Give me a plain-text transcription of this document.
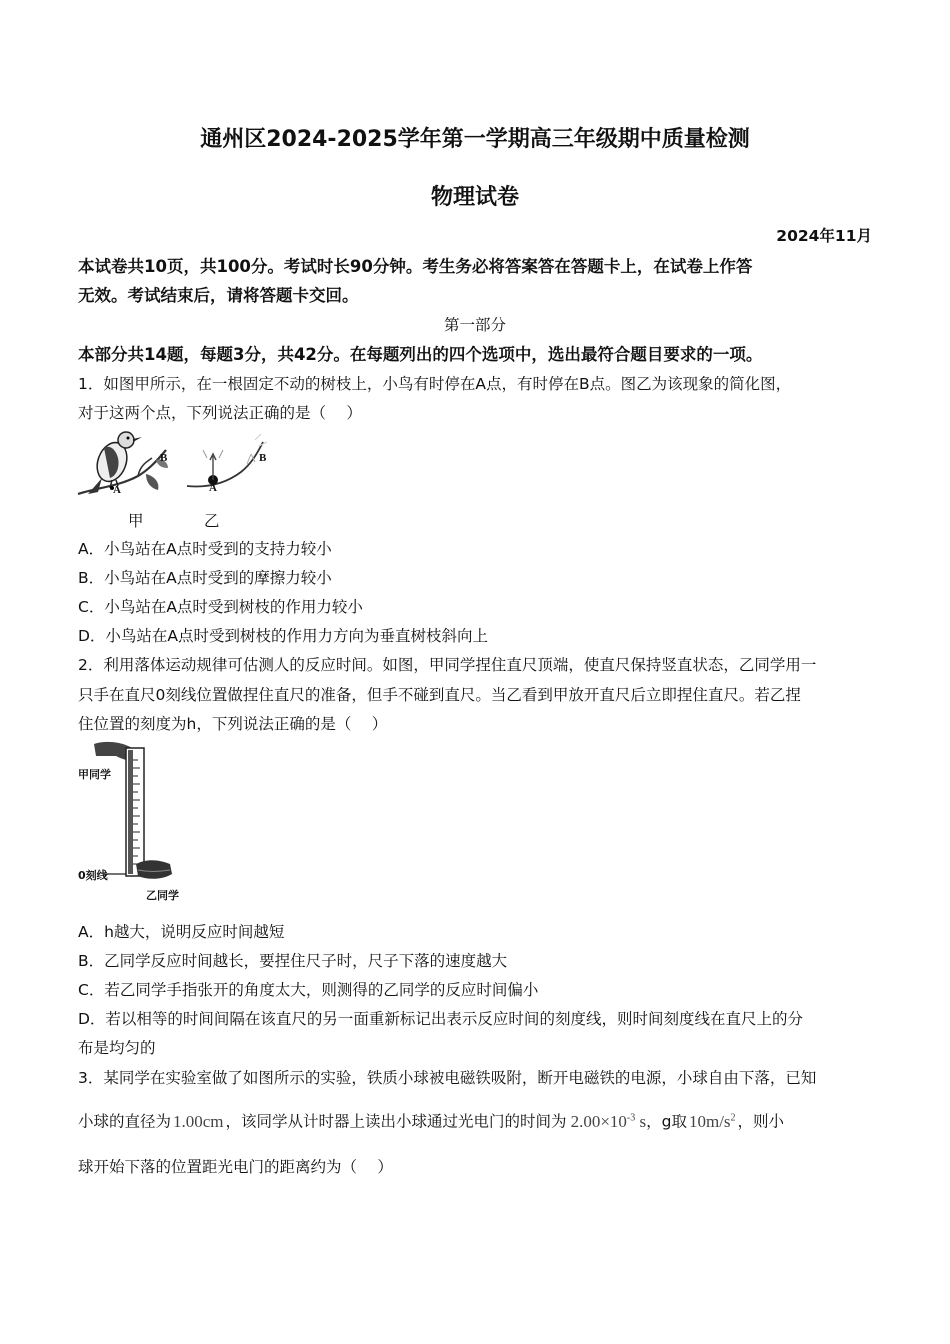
通州区2024-2025学年第一学期高三年级期中质量检测
物理试卷
2024年11月
本试卷共10页，共100分。考试时长90分钟。考生务必将答案答在答题卡上，在试卷上作答
无效。考试结束后，请将答题卡交回。
第一部分
本部分共14题，每题3分，共42分。在每题列出的四个选项中，选出最符合题目要求的一项。
1．如图甲所示，在一根固定不动的树枝上，小鸟有时停在A点，有时停在B点。图乙为该现象的简化图，
对于这两个点，下列说法正确的是（　 ）
A
B
A
B
甲	乙
A．小鸟站在A点时受到的支持力较小
B．小鸟站在A点时受到的摩擦力较小
C．小鸟站在A点时受到树枝的作用力较小
D．小鸟站在A点时受到树枝的作用力方向为垂直树枝斜向上
2．利用落体运动规律可估测人的反应时间。如图，甲同学捏住直尺顶端，使直尺保持竖直状态，乙同学用一
只手在直尺0刻线位置做捏住直尺的准备，但手不碰到直尺。当乙看到甲放开直尺后立即捏住直尺。若乙捏
住位置的刻度为h，下列说法正确的是（　 ）
甲同学
0刻线
乙同学
A．h越大，说明反应时间越短
B．乙同学反应时间越长，要捏住尺子时，尺子下落的速度越大
C．若乙同学手指张开的角度太大，则测得的乙同学的反应时间偏小
D．若以相等的时间间隔在该直尺的另一面重新标记出表示反应时间的刻度线，则时间刻度线在直尺上的分
布是均匀的
3．某同学在实验室做了如图所示的实验，铁质小球被电磁铁吸附，断开电磁铁的电源，小球自由下落，已知
小球的直径为 1.00cm ，该同学从计时器上读出小球通过光电门的时间为 $2.00\times 10^{-3}$ s，g取 $10m/s^2$ ，则小
球开始下落的位置距光电门的距离约为（　 ）
